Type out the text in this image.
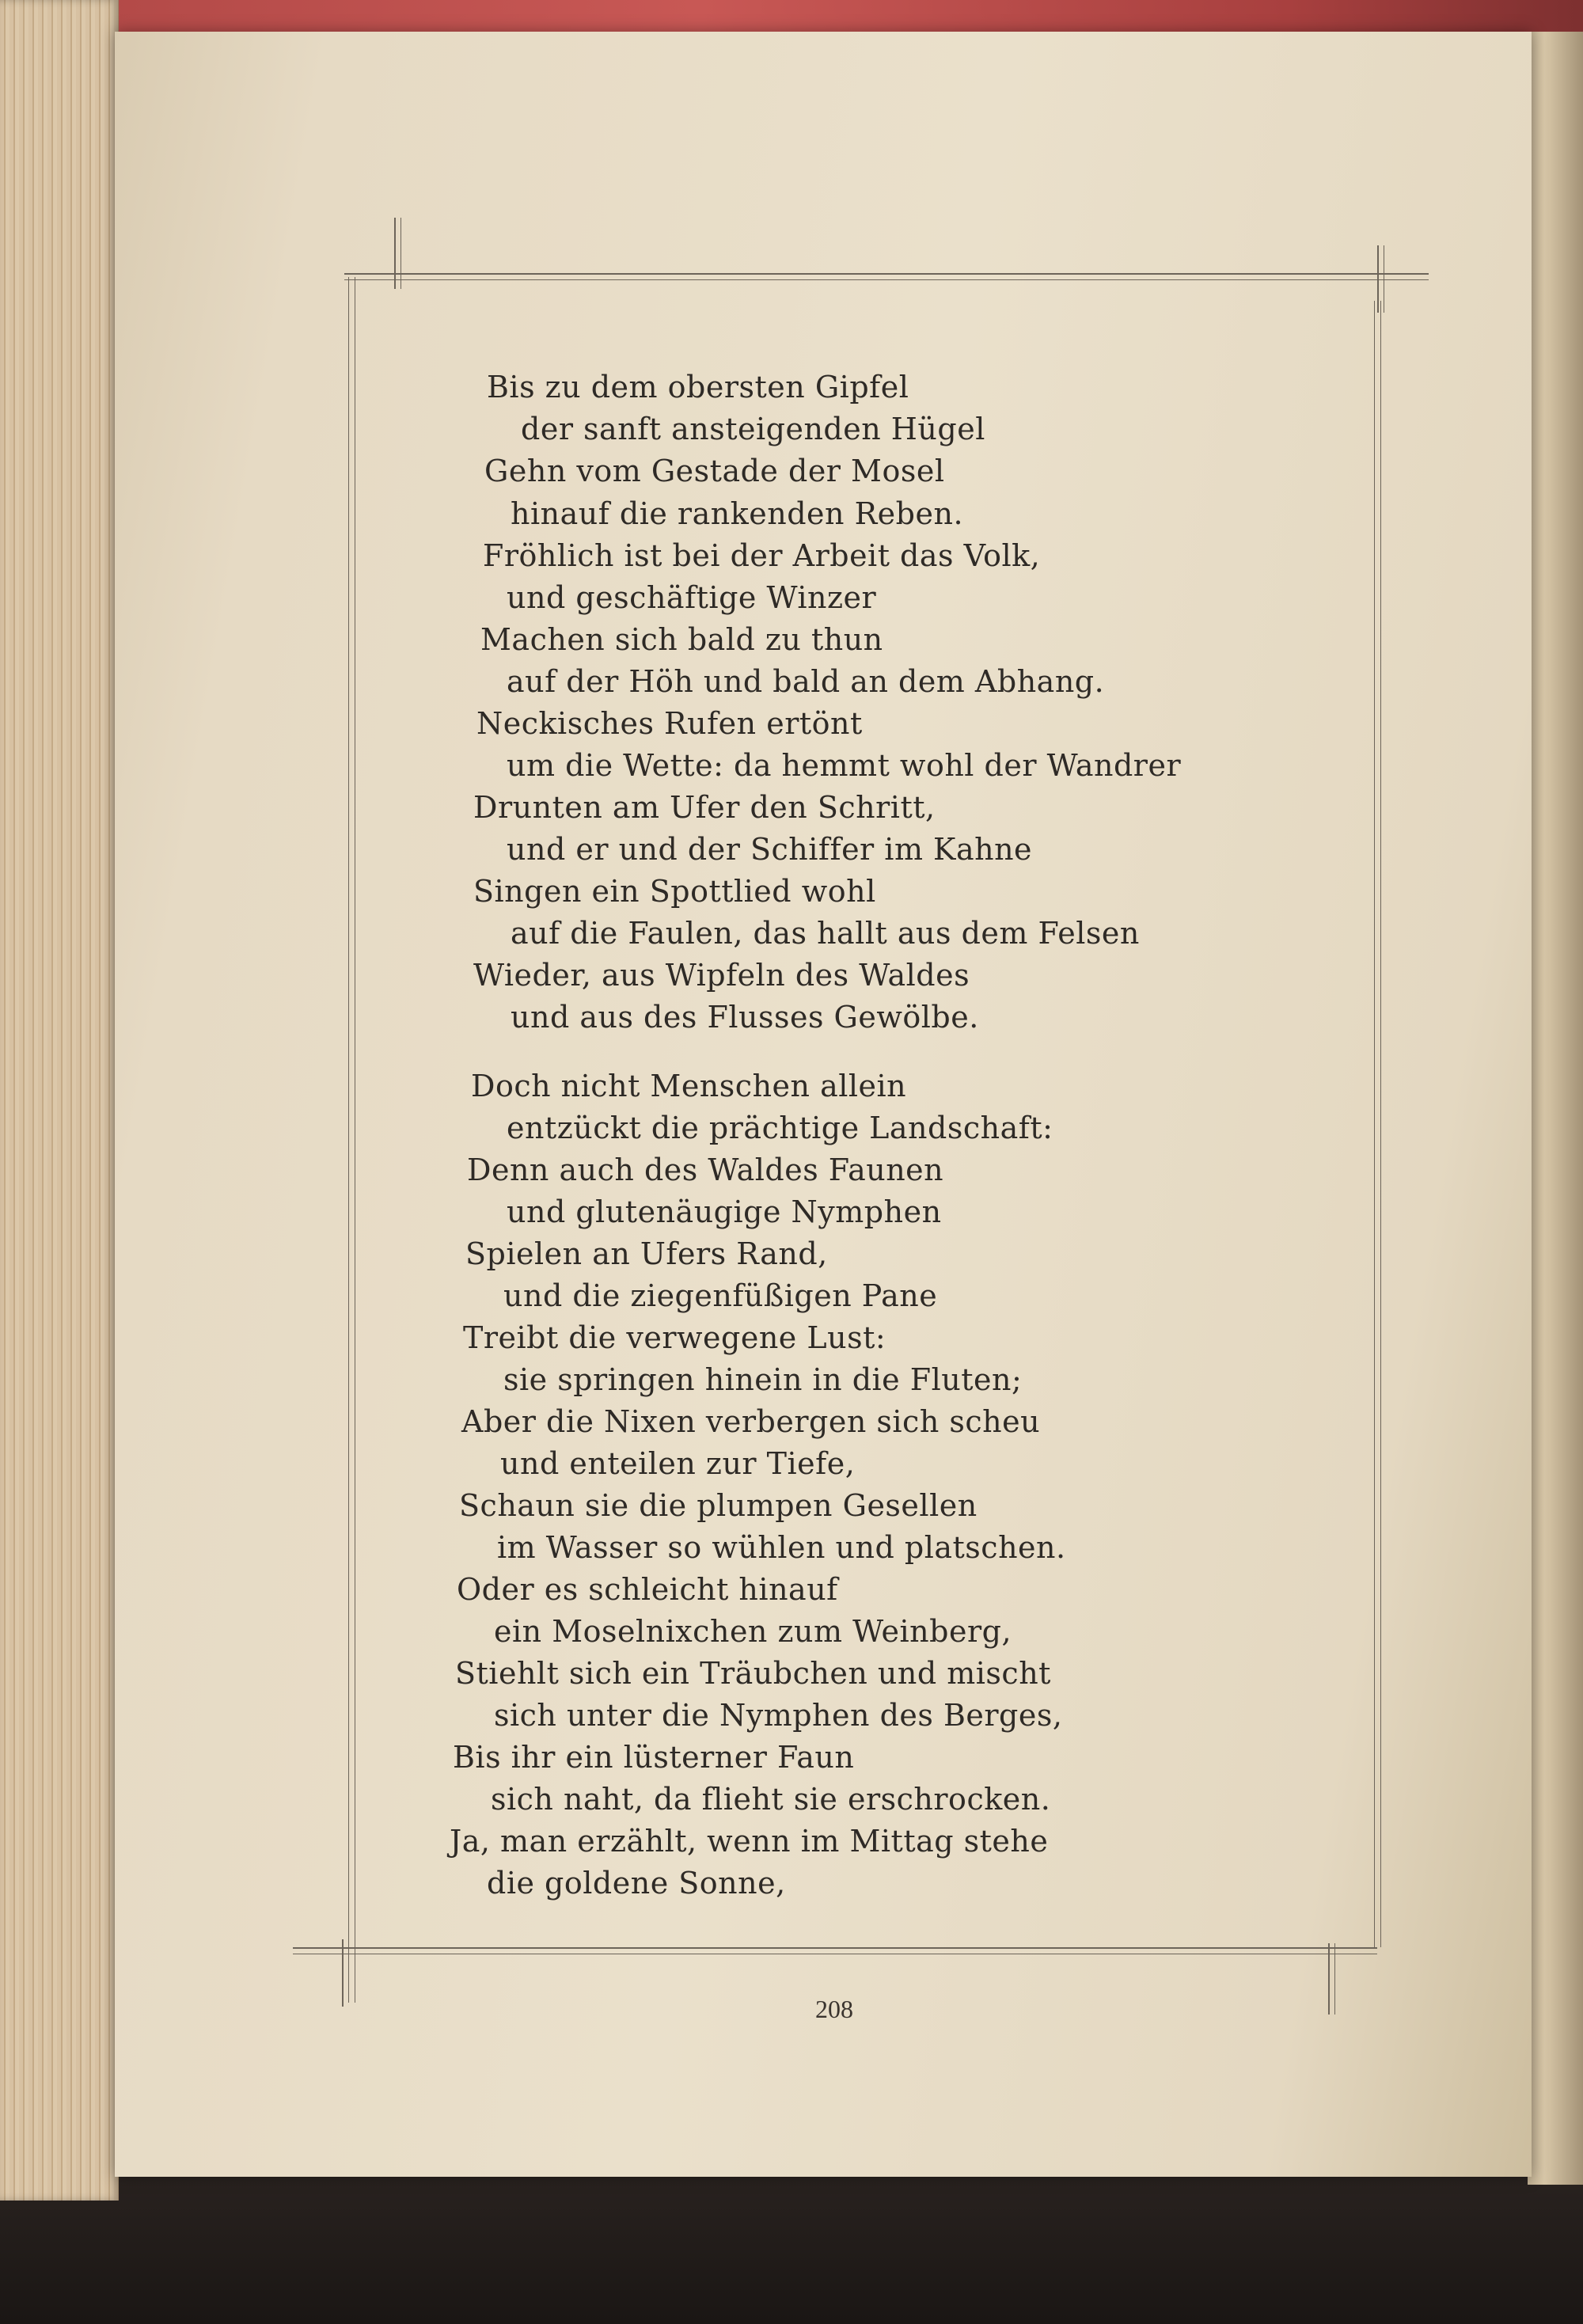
Bis zu dem obersten Gipfel
der sanft ansteigenden Hügel
Gehn vom Gestade der Mosel
hinauf die rankenden Reben.
Fröhlich ist bei der Arbeit das Volk,
und geschäftige Winzer
Machen sich bald zu thun
auf der Höh und bald an dem Abhang.
Neckisches Rufen ertönt
um die Wette: da hemmt wohl der Wandrer
Drunten am Ufer den Schritt,
und er und der Schiffer im Kahne
Singen ein Spottlied wohl
auf die Faulen, das hallt aus dem Felsen
Wieder, aus Wipfeln des Waldes
und aus des Flusses Gewölbe.
Doch nicht Menschen allein
entzückt die prächtige Landschaft:
Denn auch des Waldes Faunen
und glutenäugige Nymphen
Spielen an Ufers Rand,
und die ziegenfüßigen Pane
Treibt die verwegene Lust:
sie springen hinein in die Fluten;
Aber die Nixen verbergen sich scheu
und enteilen zur Tiefe,
Schaun sie die plumpen Gesellen
im Wasser so wühlen und platschen.
Oder es schleicht hinauf
ein Moselnixchen zum Weinberg,
Stiehlt sich ein Träubchen und mischt
sich unter die Nymphen des Berges,
Bis ihr ein lüsterner Faun
sich naht, da flieht sie erschrocken.
Ja, man erzählt, wenn im Mittag stehe
die goldene Sonne,
208
